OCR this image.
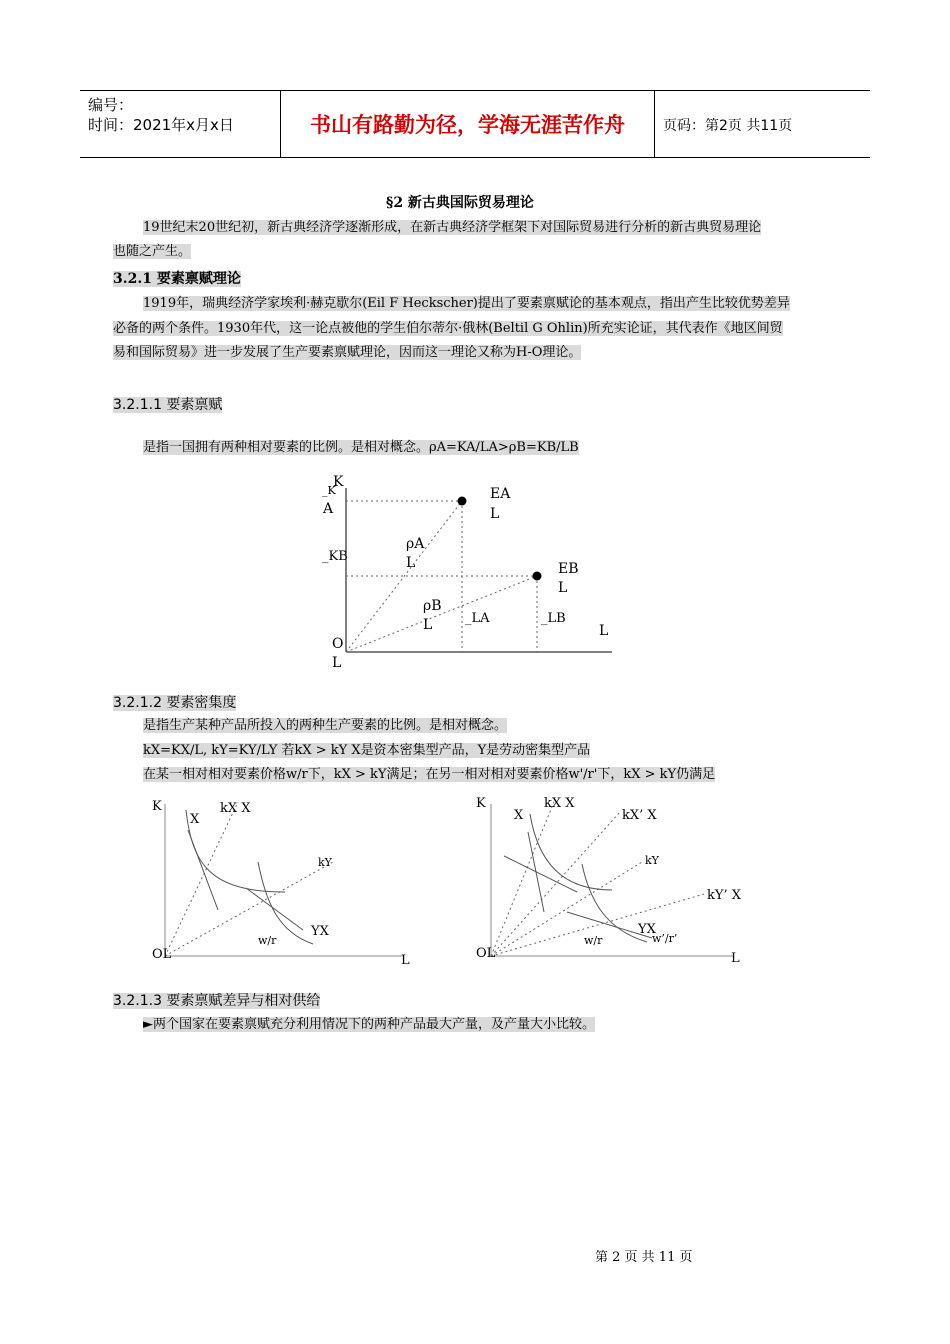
编号：
时间：2021年x月x日	书山有路勤为径，学海无涯苦作舟	页码：第2页 共11页
§2 新古典国际贸易理论
19世纪末20世纪初，新古典经济学逐渐形成，在新古典经济学框架下对国际贸易进行分析的新古典贸易理论
也随之产生。
3.2.1 要素禀赋理论
1919年，瑞典经济学家埃利·赫克歇尔(Eil F Heckscher)提出了要素禀赋论的基本观点，指出产生比较优势差异
必备的两个条件。1930年代，这一论点被他的学生伯尔蒂尔·俄林(Beltil G Ohlin)所充实论证，其代表作《地区间贸
易和国际贸易》进一步发展了生产要素禀赋理论，因而这一理论又称为H-O理论。
3.2.1.1 要素禀赋
是指一国拥有两种相对要素的比例。是相对概念。ρA=KA/LA>ρB=KB/LB
K
_K
A
_KB
EA
L
EB
L
ρA
L
ρB
L	_LA	_LB
L
O
L
3.2.1.2 要素密集度
是指生产某种产品所投入的两种生产要素的比例。是相对概念。
kX=KX/L, kY=KY/LY 若kX > kY X是资本密集型产品，Y是劳动密集型产品
在某一相对相对要素价格w/r下，kX > kY满足；在另一相对相对要素价格w'/r'下，kX > kY仍满足
K
X
kX X
kY
YX
w/r
OL	L
K
X
kX X
kX’ X
kY
kY’ X
YX
w/r	w’/r’
OL	L
3.2.1.3 要素禀赋差异与相对供给
►两个国家在要素禀赋充分利用情况下的两种产品最大产量，及产量大小比较。
第 2 页 共 11 页
